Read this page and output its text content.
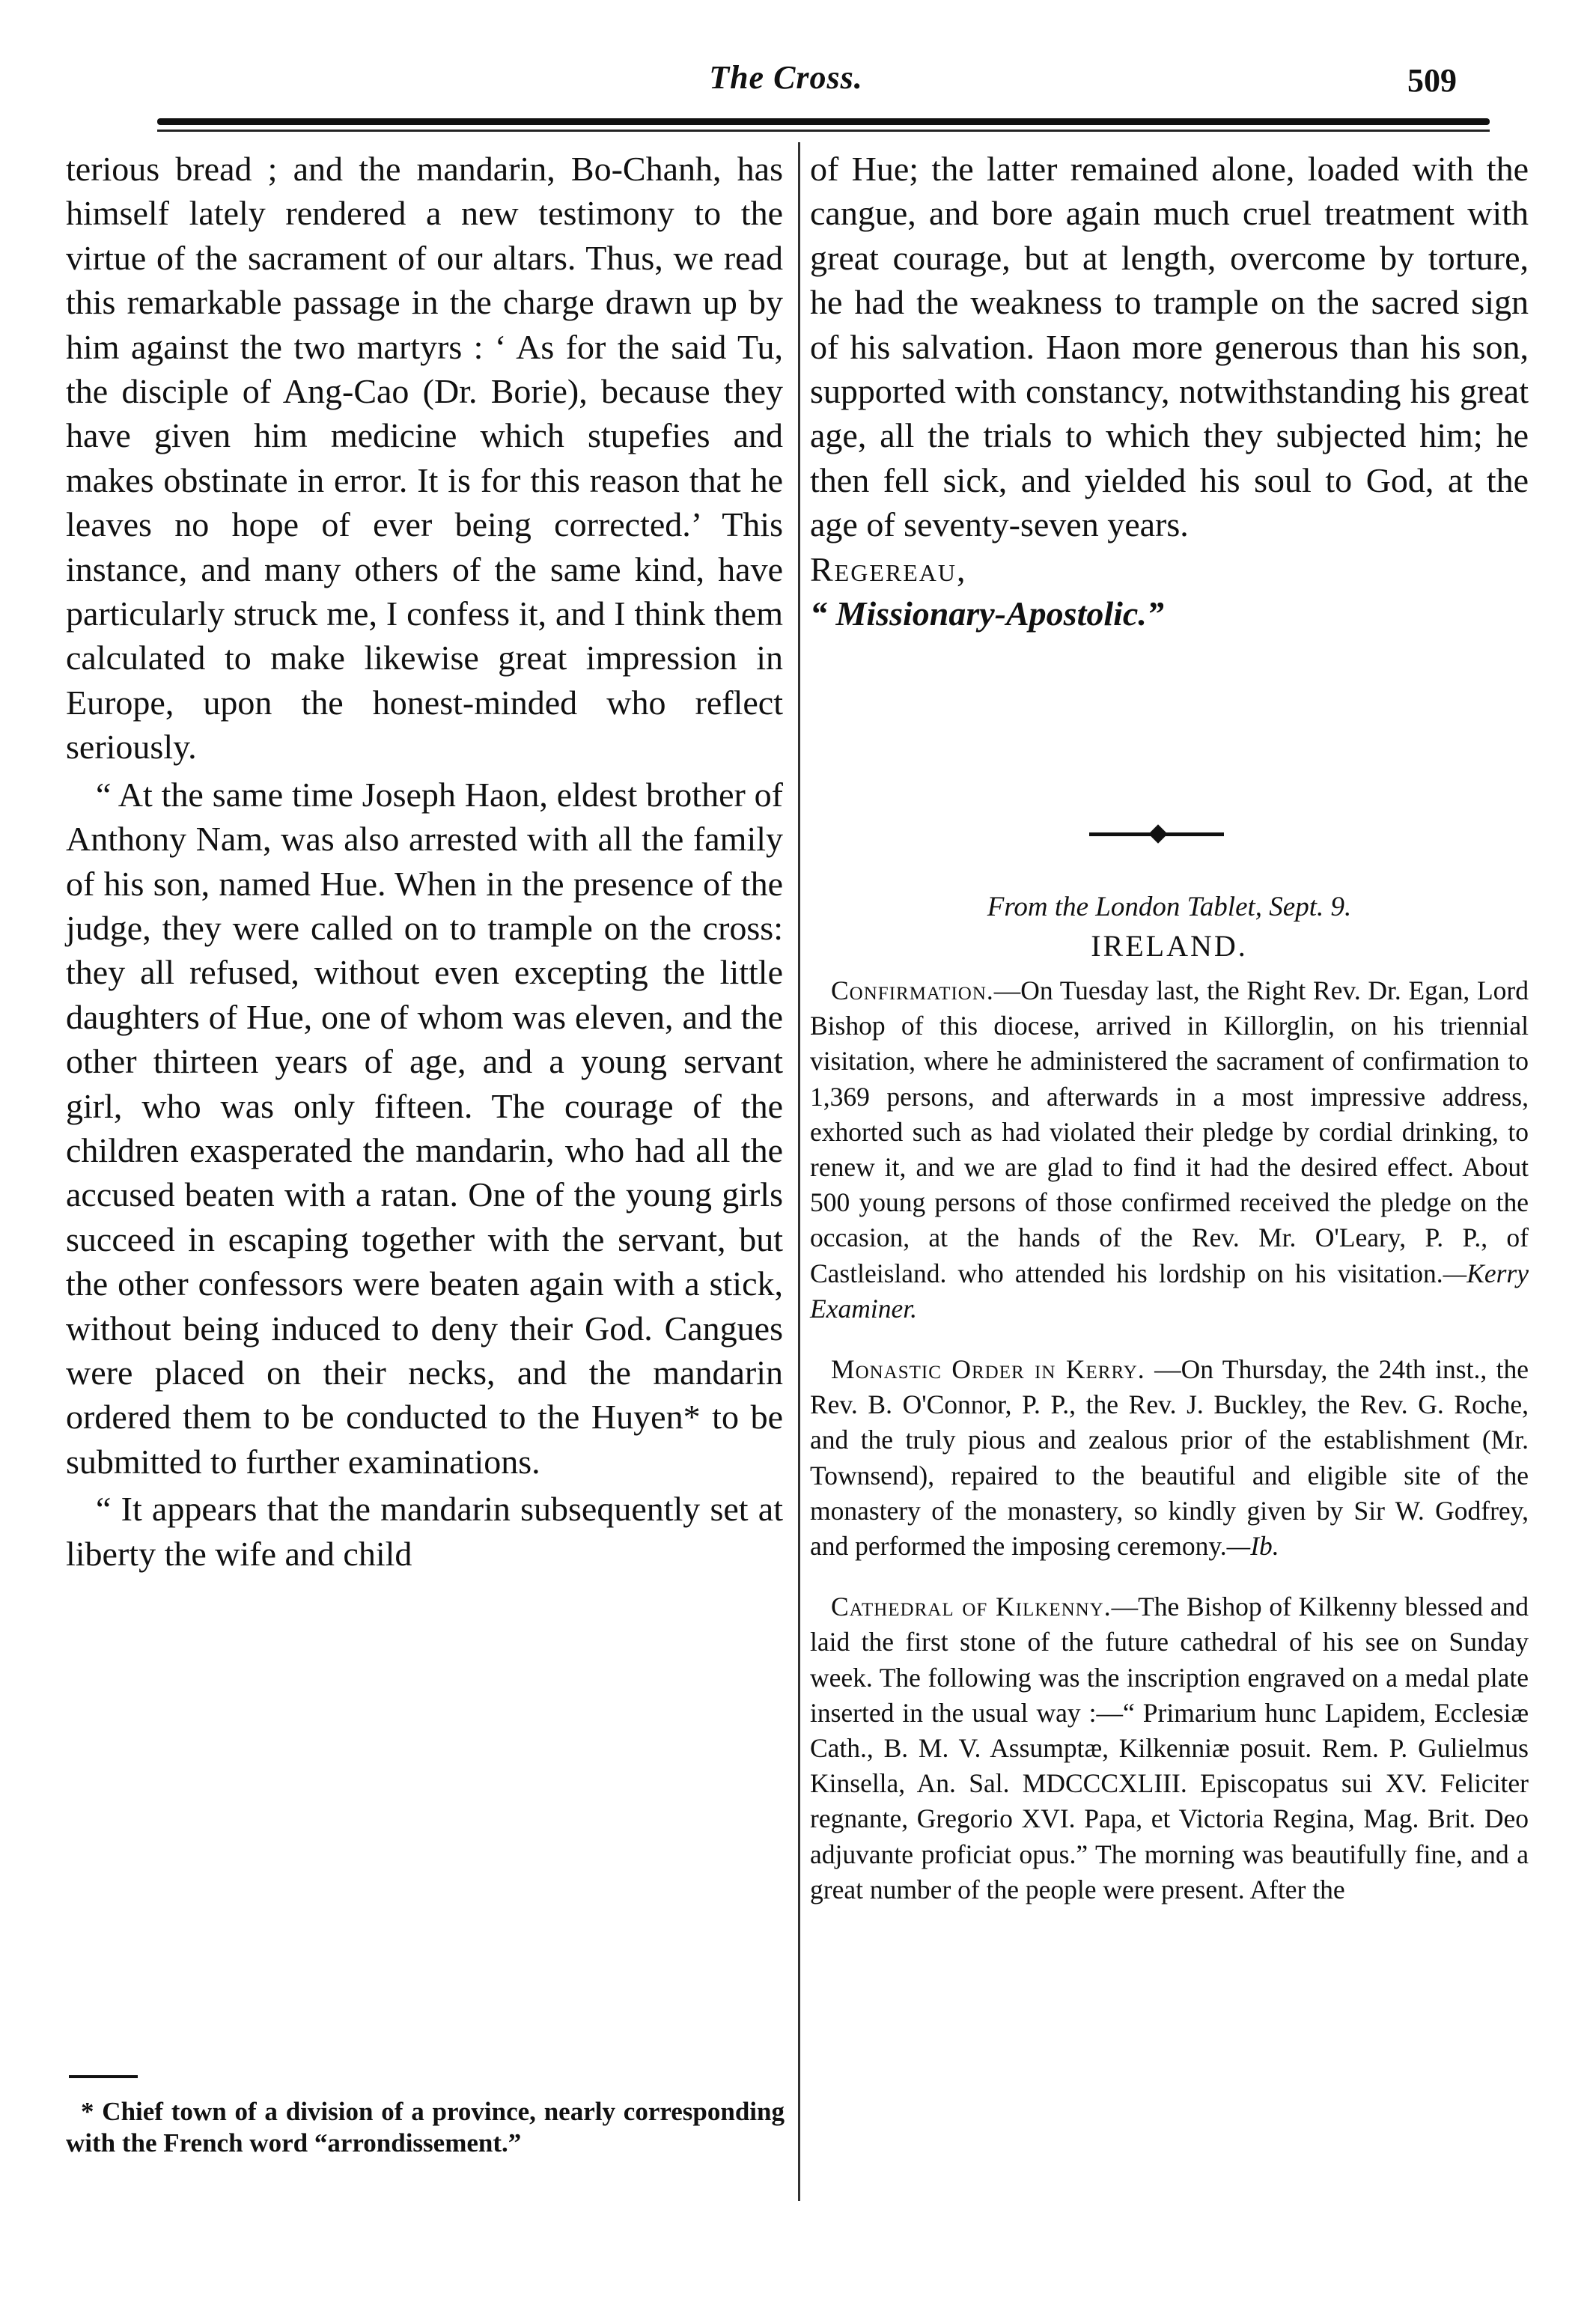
The Cross.	509

terious bread ; and the mandarin, Bo-Chanh, has himself lately rendered a new testimony to the virtue of the sacrament of our altars. Thus, we read this remarkable passage in the charge drawn up by him against the two martyrs : ‘ As for the said Tu, the disciple of Ang-Cao (Dr. Borie), because they have given him medicine which stupefies and makes obstinate in error. It is for this reason that he leaves no hope of ever being corrected.’ This instance, and many others of the same kind, have particularly struck me, I confess it, and I think them calculated to make likewise great impression in Europe, upon the honest-minded who reflect seriously.

“ At the same time Joseph Haon, eldest brother of Anthony Nam, was also arrested with all the family of his son, named Hue. When in the presence of the judge, they were called on to trample on the cross: they all refused, without even excepting the little daughters of Hue, one of whom was eleven, and the other thirteen years of age, and a young servant girl, who was only fifteen. The courage of the children exasperated the mandarin, who had all the accused beaten with a ratan. One of the young girls succeed in escaping together with the servant, but the other confessors were beaten again with a stick, without being induced to deny their God. Cangues were placed on their necks, and the mandarin ordered them to be conducted to the Huyen* to be submitted to further examinations.

“ It appears that the mandarin subsequently set at liberty the wife and child

* Chief town of a division of a province, nearly corresponding with the French word “arrondissement.”

of Hue; the latter remained alone, loaded with the cangue, and bore again much cruel treatment with great courage, but at length, overcome by torture, he had the weakness to trample on the sacred sign of his salvation. Haon more generous than his son, supported with constancy, notwithstanding his great age, all the trials to which they subjected him; he then fell sick, and yielded his soul to God, at the age of seventy-seven years.

Regereau,

“ Missionary-Apostolic.”

From the London Tablet, Sept. 9.
IRELAND.

Confirmation.—On Tuesday last, the Right Rev. Dr. Egan, Lord Bishop of this diocese, arrived in Killorglin, on his triennial visitation, where he administered the sacrament of confirmation to 1,369 persons, and afterwards in a most impressive address, exhorted such as had violated their pledge by cordial drinking, to renew it, and we are glad to find it had the desired effect. About 500 young persons of those confirmed received the pledge on the occasion, at the hands of the Rev. Mr. O'Leary, P. P., of Castleisland. who attended his lordship on his visitation.—Kerry Examiner.

Monastic Order in Kerry. —On Thursday, the 24th inst., the Rev. B. O'Connor, P. P., the Rev. J. Buckley, the Rev. G. Roche, and the truly pious and zealous prior of the establishment (Mr. Townsend), repaired to the beautiful and eligible site of the monastery of the monastery, so kindly given by Sir W. Godfrey, and performed the imposing ceremony.—Ib.

Cathedral of Kilkenny.—The Bishop of Kilkenny blessed and laid the first stone of the future cathedral of his see on Sunday week. The following was the inscription engraved on a medal plate inserted in the usual way :—“ Primarium hunc Lapidem, Ecclesiæ Cath., B. M. V. Assumptæ, Kilkenniæ posuit. Rem. P. Gulielmus Kinsella, An. Sal. MDCCCXLIII. Episcopatus sui XV. Feliciter regnante, Gregorio XVI. Papa, et Victoria Regina, Mag. Brit. Deo adjuvante proficiat opus.” The morning was beautifully fine, and a great number of the people were present. After the
